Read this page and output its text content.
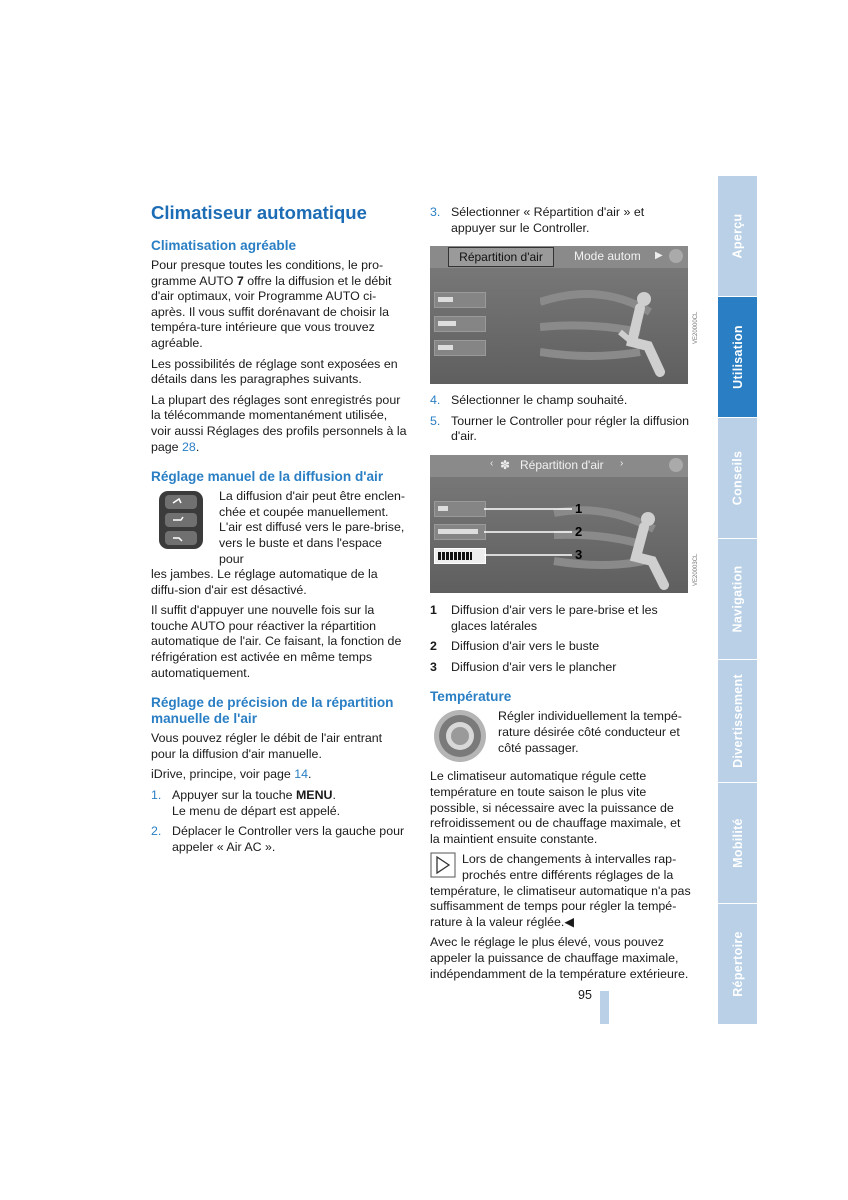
Climatiseur automatique
Climatisation agréable

Pour presque toutes les conditions, le pro- gramme AUTO 7 offre la diffusion et le débit d'air optimaux, voir Programme AUTO ci-après. Il vous suffit dorénavant de choisir la tempéra-ture intérieure que vous trouvez agréable.

Les possibilités de réglage sont exposées en détails dans les paragraphes suivants.

La plupart des réglages sont enregistrés pour la télécommande momentanément utilisée, voir aussi Réglages des profils personnels à la page 28.

Réglage manuel de la diffusion d'air
La diffusion d'air peut être enclen-
chée et coupée manuellement.
L'air est diffusé vers le pare-brise,
vers le buste et dans l'espace pour

les jambes. Le réglage automatique de la diffu-sion d'air est désactivé.

Il suffit d'appuyer une nouvelle fois sur la touche AUTO pour réactiver la répartition automatique de l'air. Ce faisant, la fonction de réfrigération est activée en même temps automatiquement.

Réglage de précision de la répartition manuelle de l'air

Vous pouvez régler le débit de l'air entrant pour la diffusion d'air manuelle.

iDrive, principe, voir page 14.

1. Appuyer sur la touche MENU.
Le menu de départ est appelé.
2. Déplacer le Controller vers la gauche pour appeler « Air AC ».
3. Sélectionner « Répartition d'air » et appuyer sur le Controller.
Répartition d'air	Mode autom ▶
VE20000CL
4. Sélectionner le champ souhaité.
5. Tourner le Controller pour régler la diffusion d'air.
‹ ✽ Répartition d'air ›
1
2
3	VE20003CL
1	Diffusion d'air vers le pare-brise et les glaces latérales
2	Diffusion d'air vers le buste
3	Diffusion d'air vers le plancher
Température
Régler individuellement la tempé-
rature désirée côté conducteur et
côté passager.

Le climatiseur automatique régule cette température en toute saison le plus vite possible, si nécessaire avec la puissance de refroidissement ou de chauffage maximale, et la maintient ensuite constante.

Lors de changements à intervalles rap-
prochés entre différents réglages de la

température, le climatiseur automatique n'a pas suffisamment de temps pour régler la tempé-rature à la valeur réglée.◀

Avec le réglage le plus élevé, vous pouvez appeler la puissance de chauffage maximale, indépendamment de la température extérieure.

Aperçu
Utilisation
Conseils
Navigation
Divertissement
Mobilité
Répertoire
95
